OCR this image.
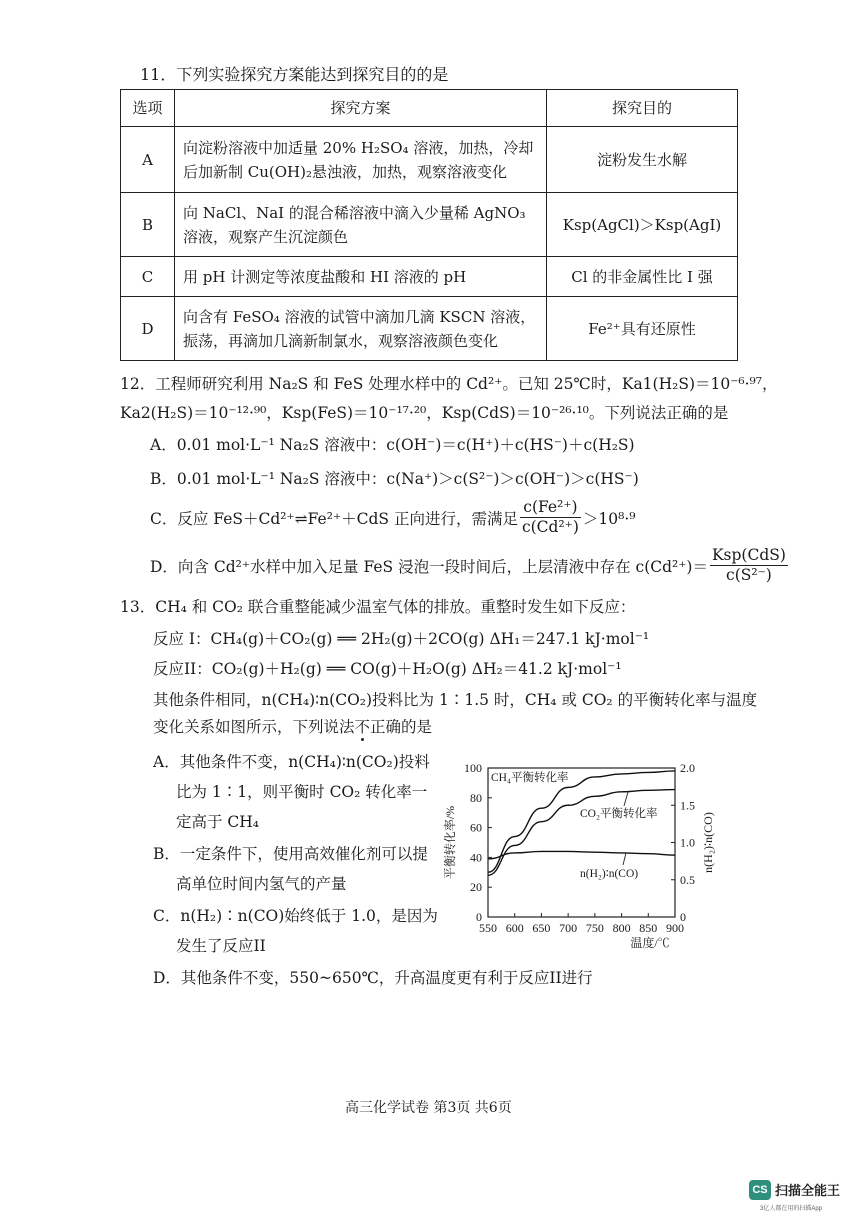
11．下列实验探究方案能达到探究目的的是
选项	探究方案	探究目的
A	向淀粉溶液中加适量 20% H₂SO₄ 溶液，加热，冷却后加新制 Cu(OH)₂悬浊液，加热，观察溶液变化	淀粉发生水解
B	向 NaCl、NaI 的混合稀溶液中滴入少量稀 AgNO₃ 溶液，观察产生沉淀颜色	Ksp(AgCl)＞Ksp(AgI)
C	用 pH 计测定等浓度盐酸和 HI 溶液的 pH	Cl 的非金属性比 I 强
D	向含有 FeSO₄ 溶液的试管中滴加几滴 KSCN 溶液，振荡，再滴加几滴新制氯水，观察溶液颜色变化	Fe²⁺具有还原性
12．工程师研究利用 Na₂S 和 FeS 处理水样中的 Cd²⁺。已知 25℃时，Ka1(H₂S)＝10⁻⁶·⁹⁷，
Ka2(H₂S)＝10⁻¹²·⁹⁰，Ksp(FeS)＝10⁻¹⁷·²⁰，Ksp(CdS)＝10⁻²⁶·¹⁰。下列说法正确的是
A．0.01 mol·L⁻¹ Na₂S 溶液中：c(OH⁻)＝c(H⁺)＋c(HS⁻)＋c(H₂S)
B．0.01 mol·L⁻¹ Na₂S 溶液中：c(Na⁺)＞c(S²⁻)＞c(OH⁻)＞c(HS⁻)
C．反应 FeS＋Cd²⁺⇌Fe²⁺＋CdS 正向进行，需满足 $\frac{\text{c(Fe²⁺)}}{\text{c(Cd²⁺)}} >10^8\cdot^9$
D．向含 Cd²⁺水样中加入足量 FeS 浸泡一段时间后，上层清液中存在 $c(Cd^{2+})= \frac{\text{Ksp(CdS)}}{\text{c(S²⁻)}}$
13．CH₄ 和 CO₂ 联合重整能减少温室气体的排放。重整时发生如下反应：
反应 I：CH₄(g)＋CO₂(g) ══ 2H₂(g)＋2CO(g) ΔH₁＝247.1 kJ·mol⁻¹
反应II：CO₂(g)＋H₂(g) ══ CO(g)＋H₂O(g) ΔH₂＝41.2 kJ·mol⁻¹
其他条件相同，n(CH₄)∶n(CO₂)投料比为 1∶1.5 时，CH₄ 或 CO₂ 的平衡转化率与温度
变化关系如图所示，下列说法不正确的是
A．其他条件不变，n(CH₄)∶n(CO₂)投料
比为 1∶1，则平衡时 CO₂ 转化率一
定高于 CH₄
B．一定条件下，使用高效催化剂可以提
高单位时间内氢气的产量
C．n(H₂)∶n(CO)始终低于 1.0，是因为
发生了反应II
D．其他条件不变，550~650℃，升高温度更有利于反应II进行
550 600 650 700 750 800 850 900
0
20
40
60
80
100
0
0.5
1.0
1.5
2.0
CH₄平衡转化率
CO₂平衡转化率
n(H₂)∶n(CO)
温度/℃
平衡转化率/%	n(H₂)∶n(CO)
高三化学试卷 第3页 共6页
CS 扫描全能王
3亿人都在用的扫描App
